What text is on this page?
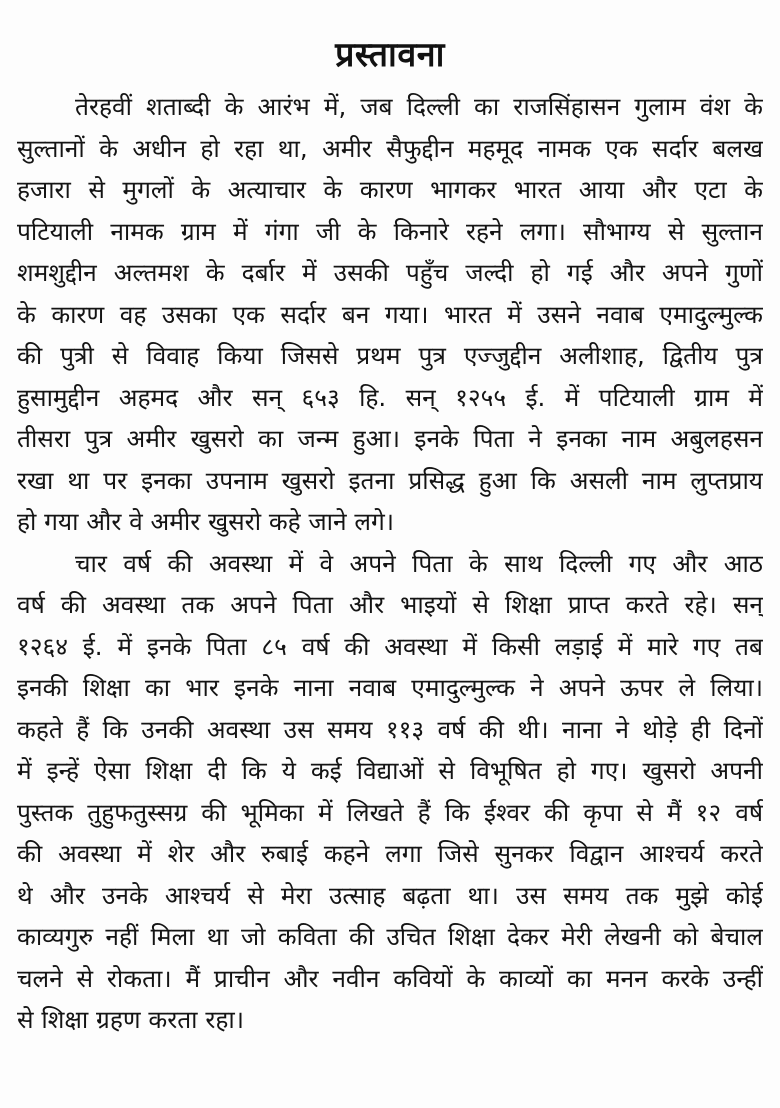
प्रस्तावना
तेरहवीं शताब्दी के आरंभ में, जब दिल्ली का राजसिंहासन गुलाम वंश के
सुल्तानों के अधीन हो रहा था, अमीर सैफुद्दीन महमूद नामक एक सर्दार बलख
हजारा से मुगलों के अत्याचार के कारण भागकर भारत आया और एटा के
पटियाली नामक ग्राम में गंगा जी के किनारे रहने लगा। सौभाग्य से सुल्तान
शमशुद्दीन अल्तमश के दर्बार में उसकी पहुँच जल्दी हो गई और अपने गुणों
के कारण वह उसका एक सर्दार बन गया। भारत में उसने नवाब एमादुल्मुल्क
की पुत्री से विवाह किया जिससे प्रथम पुत्र एज्जुद्दीन अलीशाह, द्वितीय पुत्र
हुसामुद्दीन अहमद और सन् ६५३ हि. सन् १२५५ ई. में पटियाली ग्राम में
तीसरा पुत्र अमीर खुसरो का जन्म हुआ। इनके पिता ने इनका नाम अबुलहसन
रखा था पर इनका उपनाम खुसरो इतना प्रसिद्ध हुआ कि असली नाम लुप्तप्राय
हो गया और वे अमीर खुसरो कहे जाने लगे।
चार वर्ष की अवस्था में वे अपने पिता के साथ दिल्ली गए और आठ
वर्ष की अवस्था तक अपने पिता और भाइयों से शिक्षा प्राप्त करते रहे। सन्
१२६४ ई. में इनके पिता ८५ वर्ष की अवस्था में किसी लड़ाई में मारे गए तब
इनकी शिक्षा का भार इनके नाना नवाब एमादुल्मुल्क ने अपने ऊपर ले लिया।
कहते हैं कि उनकी अवस्था उस समय ११३ वर्ष की थी। नाना ने थोड़े ही दिनों
में इन्हें ऐसा शिक्षा दी कि ये कई विद्याओं से विभूषित हो गए। खुसरो अपनी
पुस्तक तुहुफतुस्सग्र की भूमिका में लिखते हैं कि ईश्वर की कृपा से मैं १२ वर्ष
की अवस्था में शेर और रुबाई कहने लगा जिसे सुनकर विद्वान आश्चर्य करते
थे और उनके आश्चर्य से मेरा उत्साह बढ़ता था। उस समय तक मुझे कोई
काव्यगुरु नहीं मिला था जो कविता की उचित शिक्षा देकर मेरी लेखनी को बेचाल
चलने से रोकता। मैं प्राचीन और नवीन कवियों के काव्यों का मनन करके उन्हीं
से शिक्षा ग्रहण करता रहा।
